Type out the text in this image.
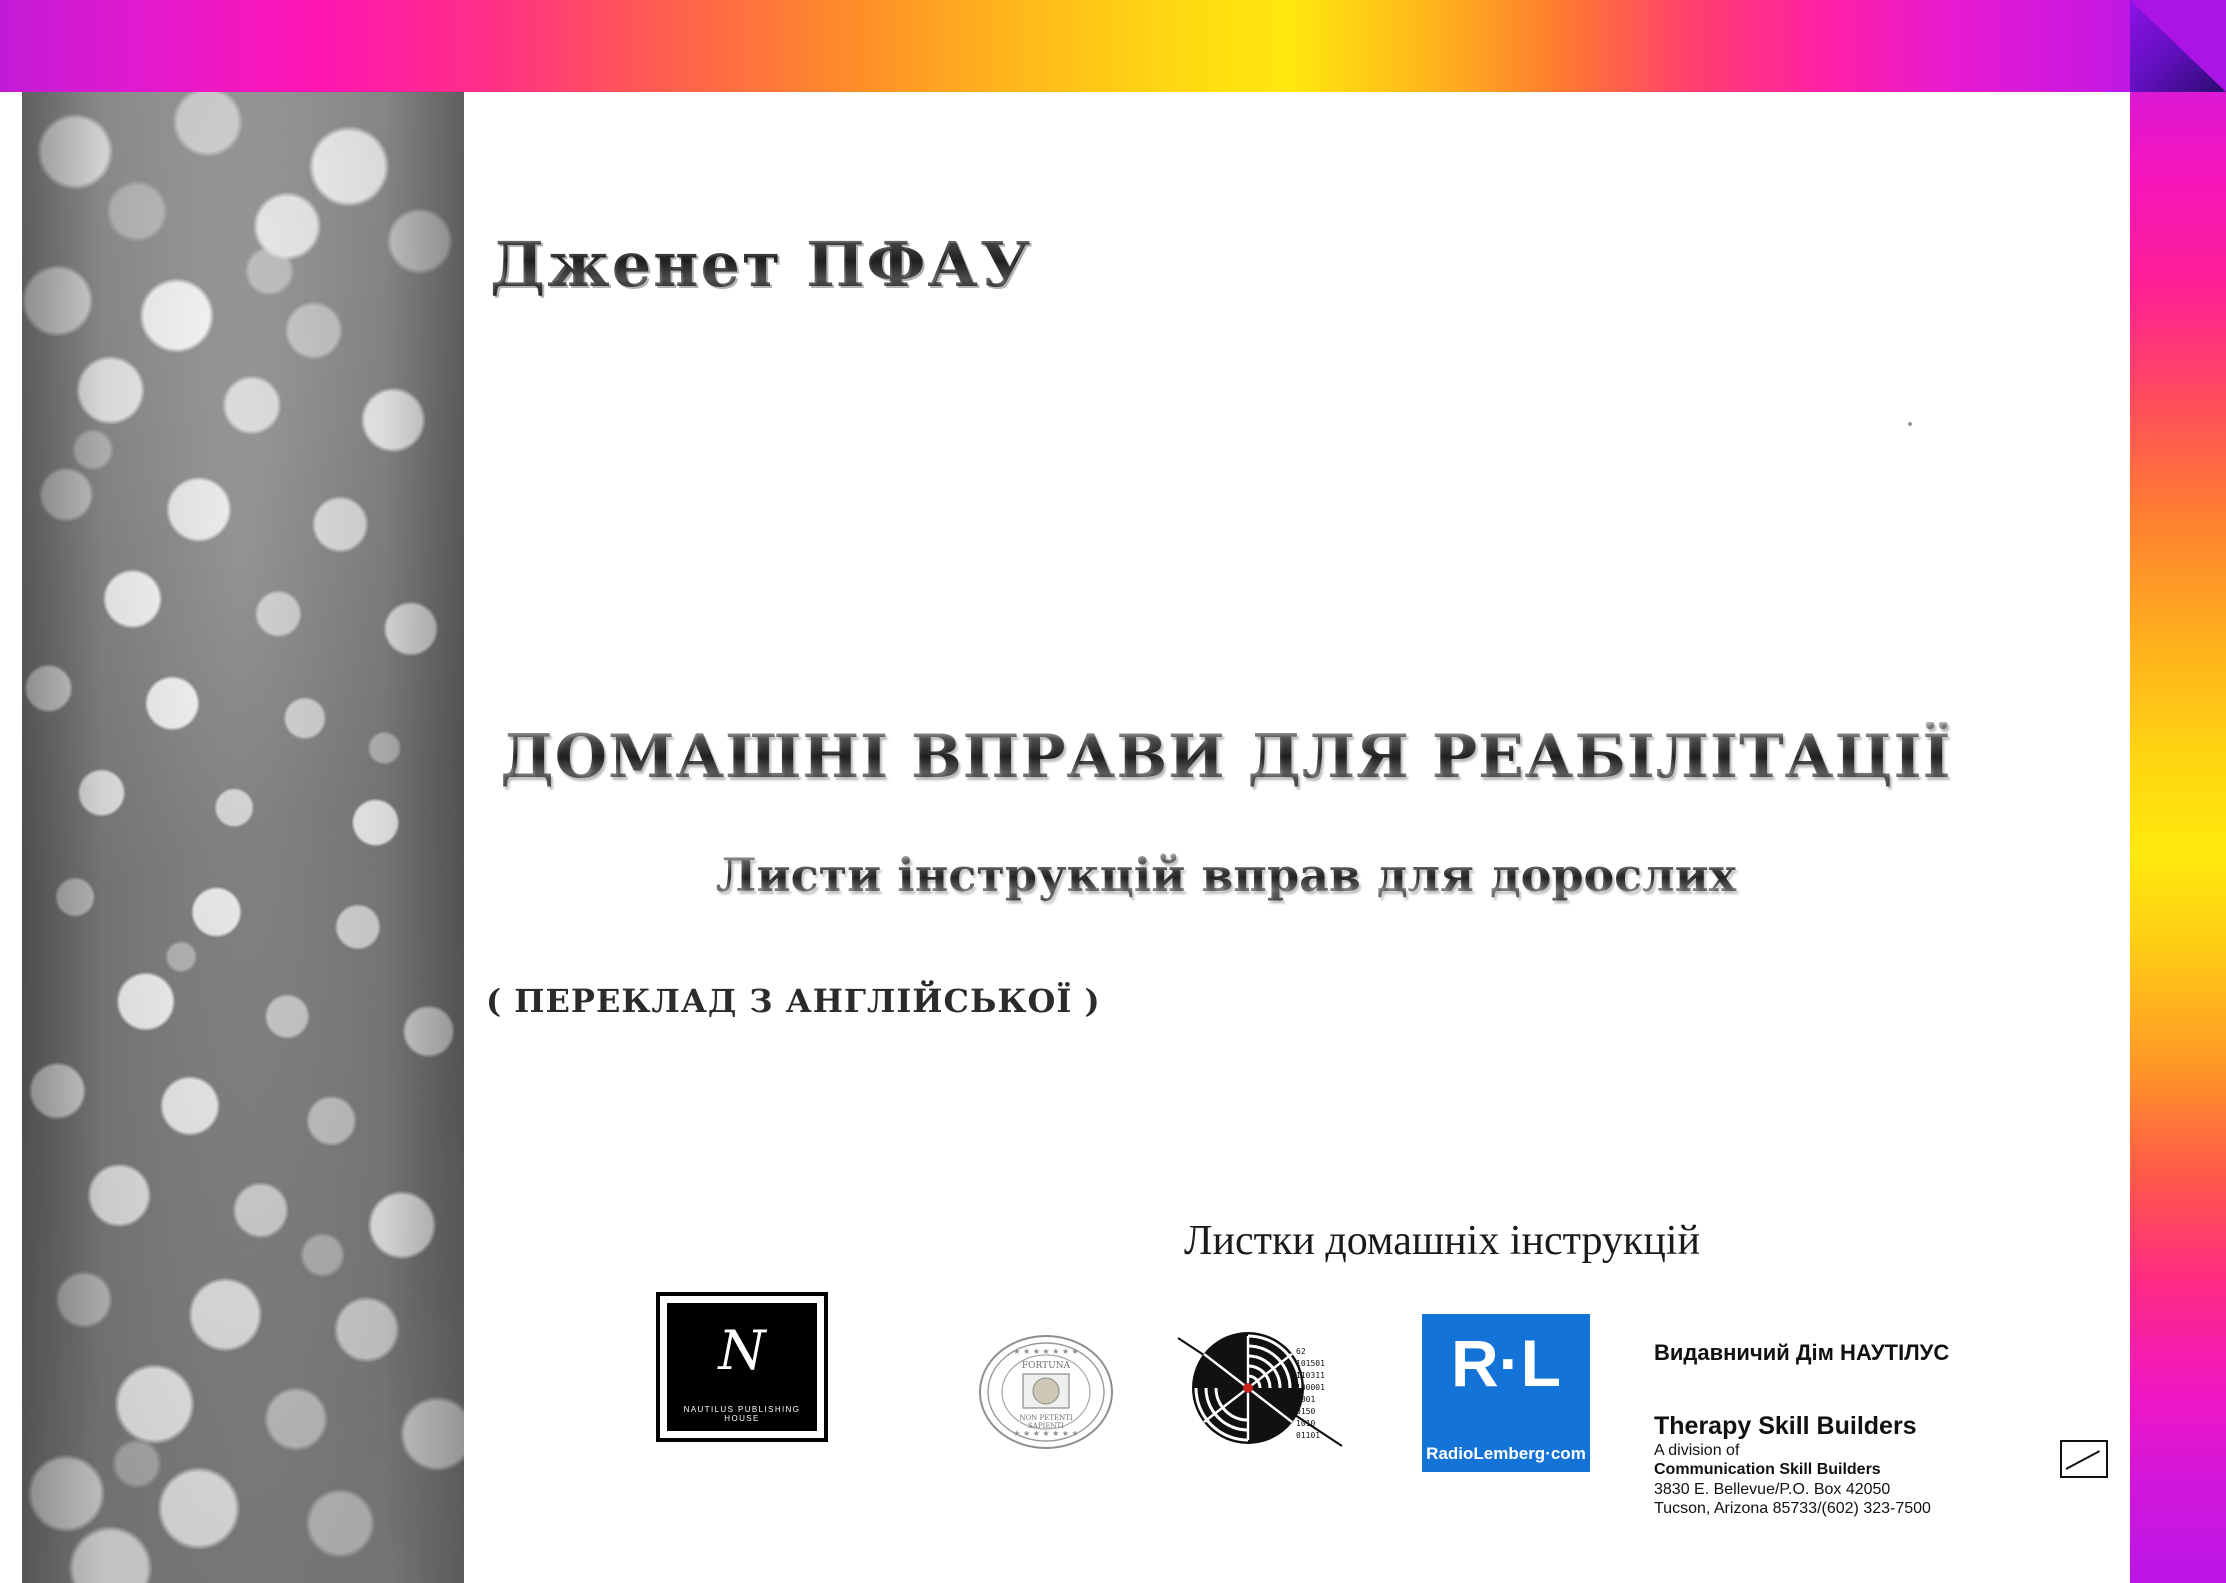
Джeнeт ПФАУ
ДОМАШНІ ВПРАВИ ДЛЯ РЕАБІЛІТАЦІЇ
Листи інструкцій вправ для дорослих
( ПЕРЕКЛАД З АНГЛІЙСЬКОЇ )
Листки домашніх інструкцій
N
NAUTILUS PUBLISHING HOUSE
★ ★ ★ ★ ★ ★ ★
★ ★ ★ ★ ★ ★ ★
FORTUNA
NON PETENTI
SAPIENTI
62
101501
110311
100001
3001
0150
1010
01101
R·L
RadioLemberg·com
Видавничий Дім НАУТІЛУС
Therapy Skill Builders
A division of
Communication Skill Builders
3830 E. Bellevue/P.O. Box 42050
Tucson, Arizona 85733/(602) 323-7500
